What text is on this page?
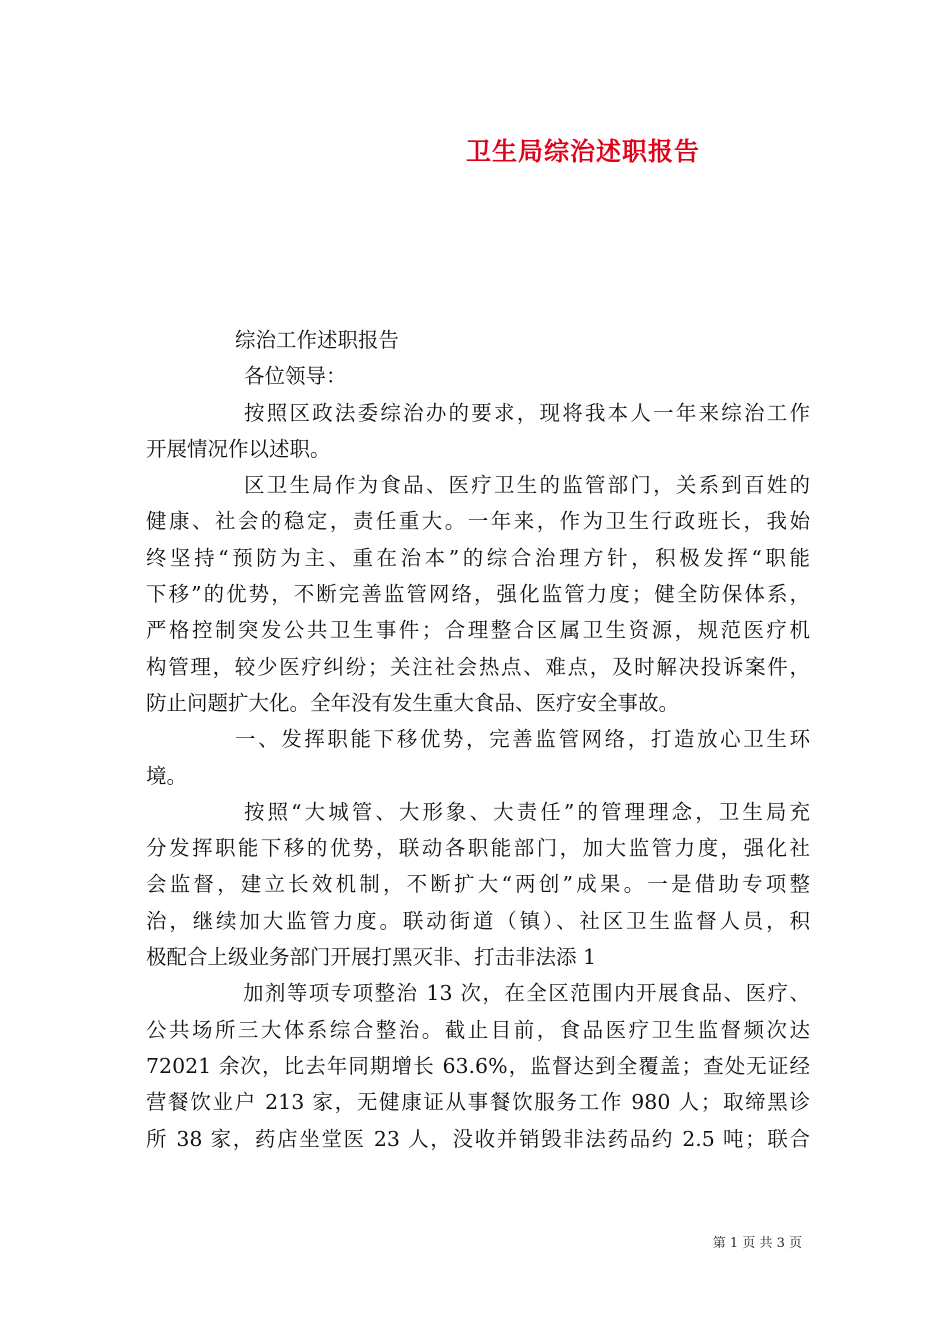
卫生局综治述职报告
综治工作述职报告
各位领导：
按照区政法委综治办的要求，现将我本人一年来综治工作
开展情况作以述职。
区卫生局作为食品、医疗卫生的监管部门，关系到百姓的
健康、社会的稳定，责任重大。一年来，作为卫生行政班长，我始
终坚持“预防为主、重在治本”的综合治理方针，积极发挥“职能
下移”的优势，不断完善监管网络，强化监管力度；健全防保体系，
严格控制突发公共卫生事件；合理整合区属卫生资源，规范医疗机
构管理，较少医疗纠纷；关注社会热点、难点，及时解决投诉案件，
防止问题扩大化。全年没有发生重大食品、医疗安全事故。
一、发挥职能下移优势，完善监管网络，打造放心卫生环
境。
按照“大城管、大形象、大责任”的管理理念，卫生局充
分发挥职能下移的优势，联动各职能部门，加大监管力度，强化社
会监督，建立长效机制，不断扩大“两创”成果。一是借助专项整
治，继续加大监管力度。联动街道（镇）、社区卫生监督人员，积
极配合上级业务部门开展打黑灭非、打击非法添 1
加剂等项专项整治 13 次，在全区范围内开展食品、医疗、
公共场所三大体系综合整治。截止目前，食品医疗卫生监督频次达
72021 余次，比去年同期增长 63.6%，监督达到全覆盖；查处无证经
营餐饮业户 213 家，无健康证从事餐饮服务工作 980 人；取缔黑诊
所 38 家，药店坐堂医 23 人，没收并销毁非法药品约 2.5 吨；联合
第 1 页 共 3 页
